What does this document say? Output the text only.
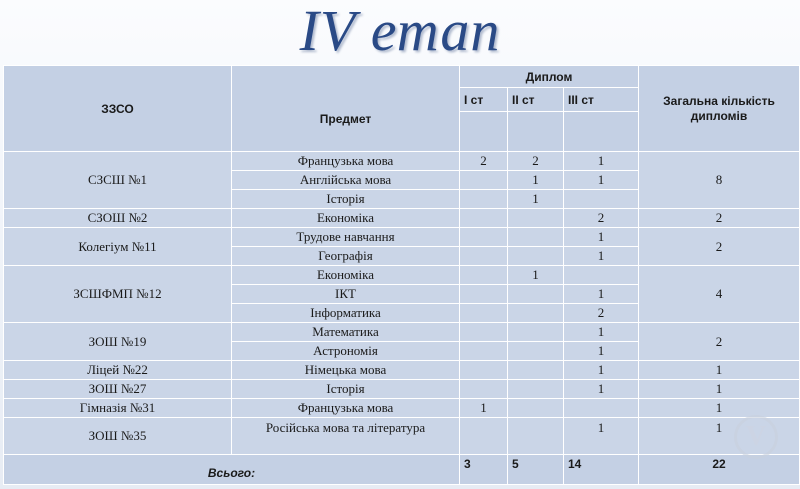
IV етап
ЗЗСО	Предмет	Диплом			Загальна кількість дипломів
		І ст	ІІ ст	ІІІ ст	

СЗСШ №1	Французька мова	2	2	1	8
	Англійська мова		1	1	
	Історія		1		
СЗОШ №2	Економіка			2	2
Колегіум №11	Трудове навчання			1	2
	Географія			1	
ЗСШФМП №12	Економіка		1		4
	ІКТ			1	
	Інформатика			2	
ЗОШ №19	Математика			1	2
	Астрономія			1	
Ліцей №22	Німецька мова			1	1
ЗОШ №27	Історія			1	1
Гімназія №31	Французька мова	1			1
ЗОШ №35	Російська мова та література			1	1
Всього:		3	5	14	22
V
